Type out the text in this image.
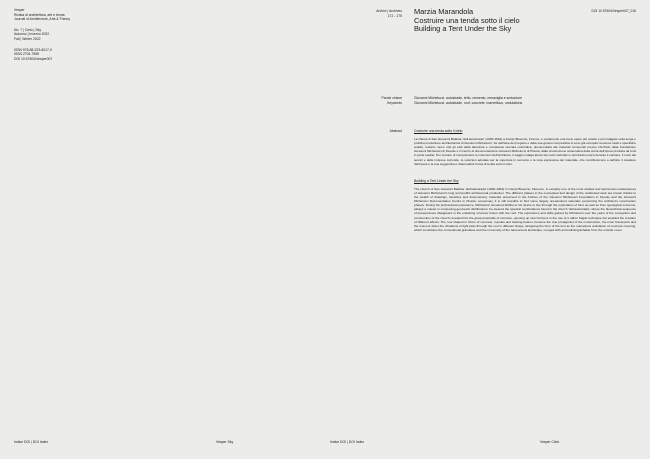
Vesper
Rivista di architettura, arti e teoria
Journal of Architecture, Arts & Theory
No. 7 | Cielo | Sky
Autunno | Inverno 2022
Fall | Winter 2022
ISSN 978-88-229-6017-0
ISSN 2704-7598
DOI 10.57604/Vesper007
Archivi | Archives
172 - 175 Marzia Marandola
Costruire una tenda sotto il cielo
Building a Tent Under the Sky
DOI 10.57604/Vesper007_016
Parole chiave
Keywords
Giovanni Michelucci, autostrade, tetto, cemento, meraviglia e seduzione
Giovanni Michelucci, autostrade, roof, concrete, marvellous, undulations
Abstract	Costruire una tenda sotto il cielo
La chiesa di San Giovanni Battista "dell'autostrada" (1960-1964) a Campi Bisenzio, Firenze, è certamente una tra le opere più celebri e più indagate nella lunga e prolifica produzione architettonica di Giovanni Michelucci. Se dell'idea del progetto e della sua genesi compositiva si sono già occupati numerosi studi e specifiche analisi, restano meno noti gli esiti della laboriosa e complessa vicenda costruttiva, documentata dai materiali conservati presso l'Archivio della Fondazione Giovanni Michelucci di Fiesole e il Centro di documentazione Giovanni Michelucci di Pistoia, dalla ricostruzione sistematica della storia dell'opera prodotta da fonti in parte inedite. Per cercare di comprendere le intenzioni dell'architetto, il saggio indaga alcuni dei nodi costruttivi e strutturali emersi durante il cantiere, il ruolo dei tecnici e delle imprese coinvolte, le soluzioni adottate per la copertura in cemento e la resa espressiva del materiale, che contribuiscono a definire il carattere dell'opera e la sua suggestiva e drammatica forma di tenda sotto il cielo.
Building a Tent Under the Sky
The church of San Giovanni Battista 'dell'autostrada' (1960-1964) in Campi Bisenzio, Florence, is certainly one of the most studied and well-known masterpieces of Giovanni Michelucci's long and prolific architectural production. The different phases in the conceptual and design of the celebrated work are known thanks to the wealth of drawings, sketches and documentary materials preserved in the Archive of the Giovanni Michelucci Foundation in Fiesole and the Giovanni Michelucci Documentation Centre in Pistoia; conversely, it is still possible to find some largely unexamined materials concerning the architect's construction phases. During his professional experience, Michelucci remained faithful to his desire to live through the exploration of form as well as from typological concerns, always a master in composing geometric distributions; he steered the spectral combinations found in the church 'dell'autostrada', where the hierarchical sequence of prospectuses disappears in the entwining structure fusion with the roof. The experience and skills gained by Michelucci over the years of the conception and construction of the church revealed him the great potentials of concrete, opening up new horizons in the use of a rather fragile technique but enabled the creation of different effects. The roof shaped in forms of concrete, cupolas and twisting beams, became the true protagonist of the construction, the inner framework and the moment when the vibrations of light pass through the roof in different shape, designing the form of the tent as the marvellous undulation of concrete covering, which constitutes the conventional grandiose and the immensity of the harmonious landscape, merged with and indistinguishable from the outside cover.
Indice DOI | DOI Index	Vesper Sky	Indice DOI | DOI Index	Vesper Cielo
